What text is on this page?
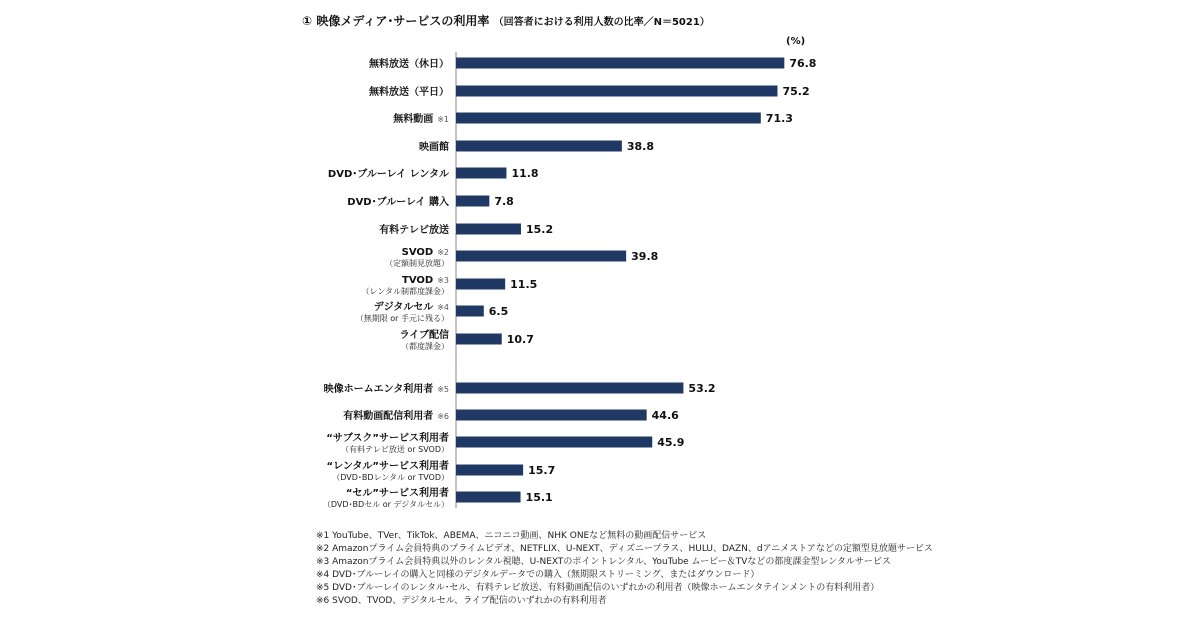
① 映像メディア･サービスの利用率 （回答者における利用人数の比率／N＝5021）
(%)
76.8
無料放送（休日）
75.2
無料放送（平日）
71.3
無料動画 ※1
38.8
映画館
11.8
DVD･ブルーレイ レンタル
7.8
DVD･ブルーレイ 購入
15.2
有料テレビ放送
39.8
SVOD ※2
（定額制見放題）
11.5
TVOD ※3
（レンタル制都度課金）
6.5
デジタルセル ※4
（無期限 or 手元に残る）
10.7
ライブ配信
（都度課金）
53.2
映像ホームエンタ利用者 ※5
44.6
有料動画配信利用者 ※6
45.9
“サブスク”サービス利用者
（有料テレビ放送 or SVOD）
15.7
“レンタル”サービス利用者
（DVD･BDレンタル or TVOD）
15.1
“セル”サービス利用者
（DVD･BDセル or デジタルセル）
※1 YouTube、TVer、TikTok、ABEMA、ニコニコ動画、NHK ONEなど無料の動画配信サービス
※2 Amazonプライム会員特典のプライムビデオ、NETFLIX、U-NEXT、ディズニープラス、HULU、DAZN、dアニメストアなどの定額型見放題サービス
※3 Amazonプライム会員特典以外のレンタル視聴、U-NEXTのポイントレンタル、YouTube ムービー＆TVなどの都度課金型レンタルサービス
※4 DVD･ブルーレイの購入と同様のデジタルデータでの購入（無期限ストリーミング、またはダウンロード）
※5 DVD･ブルーレイのレンタル･セル、有料テレビ放送、有料動画配信のいずれかの利用者（映像ホームエンタテインメントの有料利用者）
※6 SVOD、TVOD、デジタルセル、ライブ配信のいずれかの有料利用者
